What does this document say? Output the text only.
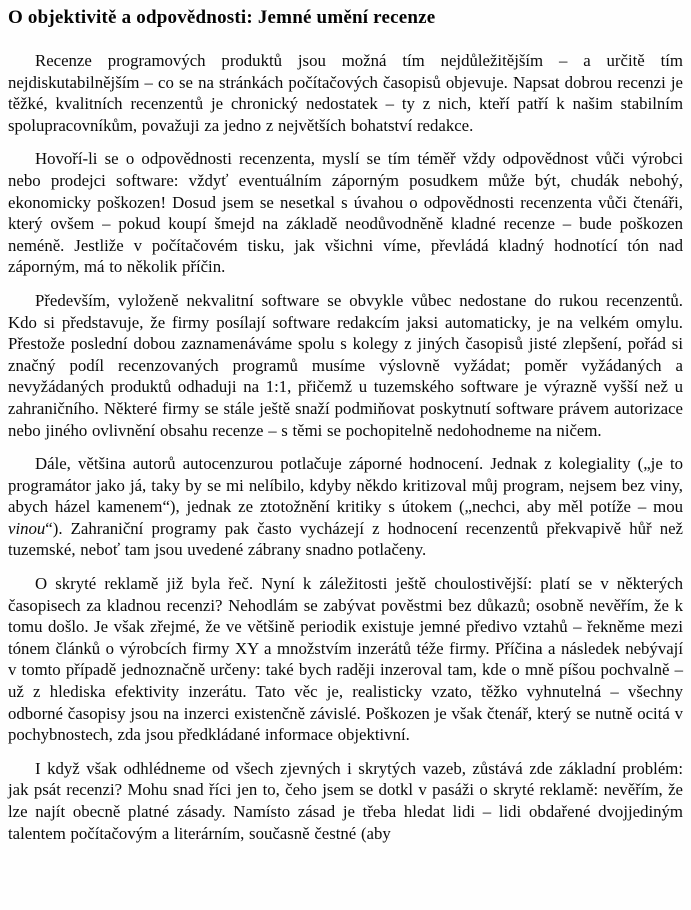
O objektivitě a odpovědnosti: Jemné umění recenze

Recenze programových produktů jsou možná tím nejdůležitějším – a určitě tím nejdiskutabilnějším – co se na stránkách počítačových časopisů objevuje. Napsat dobrou recenzi je těžké, kvalitních recenzentů je chronický nedostatek – ty z nich, kteří patří k našim stabilním spolupracovníkům, považuji za jedno z největších bohatství redakce.

Hovoří-li se o odpovědnosti recenzenta, myslí se tím téměř vždy odpovědnost vůči výrobci nebo prodejci software: vždyť eventuálním záporným posudkem může být, chudák nebohý, ekonomicky poškozen! Dosud jsem se nesetkal s úvahou o odpovědnosti recenzenta vůči čtenáři, který ovšem – pokud koupí šmejd na základě neodůvodněně kladné recenze – bude poškozen neméně. Jestliže v počítačovém tisku, jak všichni víme, převládá kladný hodnotící tón nad záporným, má to několik příčin.

Především, vyloženě nekvalitní software se obvykle vůbec nedostane do rukou recenzentů. Kdo si představuje, že firmy posílají software redakcím jaksi automaticky, je na velkém omylu. Přestože poslední dobou zaznamenáváme spolu s kolegy z jiných časopisů jisté zlepšení, pořád si značný podíl recenzovaných programů musíme výslovně vyžádat; poměr vyžádaných a nevyžádaných produktů odhaduji na 1:1, přičemž u tuzemského software je výrazně vyšší než u zahraničního. Některé firmy se stále ještě snaží podmiňovat poskytnutí software právem autorizace nebo jiného ovlivnění obsahu recenze – s těmi se pochopitelně nedohodneme na ničem.

Dále, většina autorů autocenzurou potlačuje záporné hodnocení. Jednak z kolegiality („je to programátor jako já, taky by se mi nelíbilo, kdyby někdo kritizoval můj program, nejsem bez viny, abych házel kamenem“), jednak ze ztotožnění kritiky s útokem („nechci, aby měl potíže – mou vinou“). Zahraniční programy pak často vycházejí z hodnocení recenzentů překvapivě hůř než tuzemské, neboť tam jsou uvedené zábrany snadno potlačeny.

O skryté reklamě již byla řeč. Nyní k záležitosti ještě choulostivější: platí se v některých časopisech za kladnou recenzi? Nehodlám se zabývat pověstmi bez důkazů; osobně nevěřím, že k tomu došlo. Je však zřejmé, že ve většině periodik existuje jemné předivo vztahů – řekněme mezi tónem článků o výrobcích firmy XY a množstvím inzerátů téže firmy. Příčina a následek nebývají v tomto případě jednoznačně určeny: také bych raději inzeroval tam, kde o mně píšou pochvalně – už z hlediska efektivity inzerátu. Tato věc je, realisticky vzato, těžko vyhnutelná – všechny odborné časopisy jsou na inzerci existenčně závislé. Poškozen je však čtenář, který se nutně ocitá v pochybnostech, zda jsou předkládané informace objektivní.

I když však odhlédneme od všech zjevných i skrytých vazeb, zůstává zde základní problém: jak psát recenzi? Mohu snad říci jen to, čeho jsem se dotkl v pasáži o skryté reklamě: nevěřím, že lze najít obecně platné zásady. Namísto zásad je třeba hledat lidi – lidi obdařené dvojjediným talentem počítačovým a literárním, současně čestné (aby
